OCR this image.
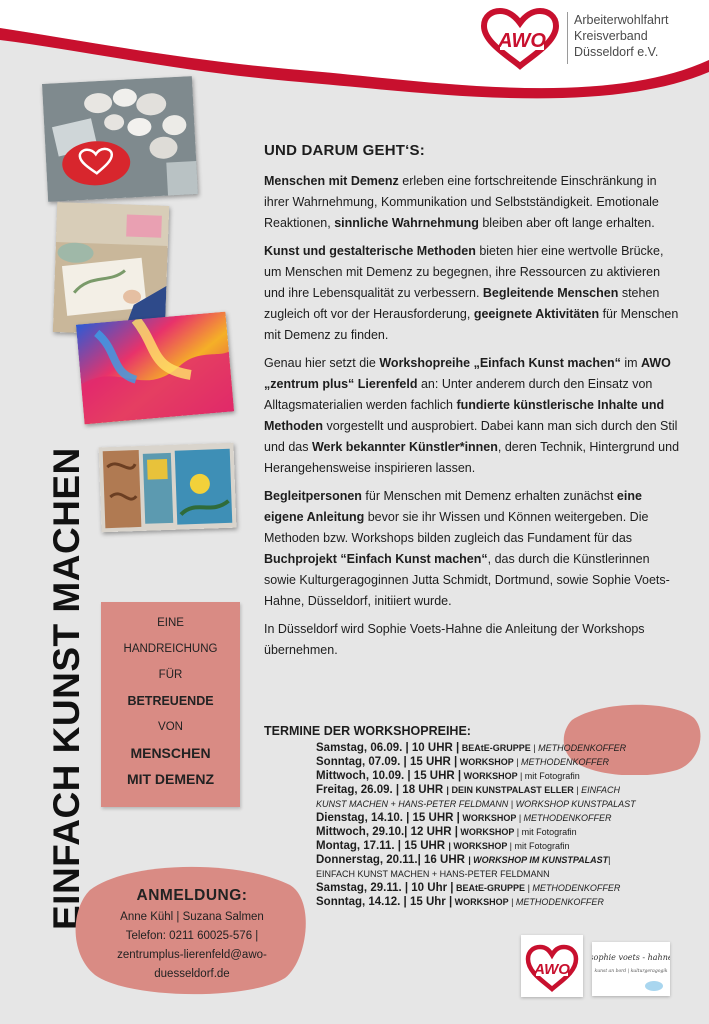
AWO
Arbeiterwohlfahrt
Kreisverband
Düsseldorf e.V.
EINFACH KUNST MACHEN	EINE
HANDREICHUNG
FÜR
BETREUENDE
VON
MENSCHEN
MIT DEMENZ
ANMELDUNG:
Anne Kühl | Suzana Salmen
Telefon: 0211 60025-576 |
zentrumplus-lierenfeld@awo-
duesseldorf.de
UND DARUM GEHT‘S:

Menschen mit Demenz erleben eine fortschreitende Einschränkung in ihrer Wahrnehmung, Kommunikation und Selbstständigkeit. Emotionale Reaktionen, sinnliche Wahrnehmung bleiben aber oft lange erhalten.

Kunst und gestalterische Methoden bieten hier eine wertvolle Brücke, um Menschen mit Demenz zu begegnen, ihre Ressourcen zu aktivieren und ihre Lebensqualität zu verbessern. Begleitende Menschen stehen zugleich oft vor der Herausforderung, geeignete Aktivitäten für Menschen mit Demenz zu finden.

Genau hier setzt die Workshopreihe „Einfach Kunst machen“ im AWO „zentrum plus“ Lierenfeld an: Unter anderem durch den Einsatz von Alltagsmaterialien werden fachlich fundierte künstlerische Inhalte und Methoden vorgestellt und ausprobiert. Dabei kann man sich durch den Stil und das Werk bekannter Künstler*innen, deren Technik, Hintergrund und Herangehensweise inspirieren lassen.

Begleitpersonen für Menschen mit Demenz erhalten zunächst eine eigene Anleitung bevor sie ihr Wissen und Können weitergeben. Die Methoden bzw. Workshops bilden zugleich das Fundament für das Buchprojekt “Einfach Kunst machen“, das durch die Künstlerinnen sowie Kulturgeragoginnen Jutta Schmidt, Dortmund, sowie Sophie Voets-Hahne, Düsseldorf, initiiert wurde.

In Düsseldorf wird Sophie Voets-Hahne die Anleitung der Workshops übernehmen.

TERMINE DER WORKSHOPREIHE:
Samstag, 06.09. | 10 UHR | BEAtE-GRUPPE | METHODENKOFFER
Sonntag, 07.09. | 15 UHR | WORKSHOP | METHODENKOFFER
Mittwoch, 10.09. | 15 UHR | WORKSHOP | mit Fotografin
Freitag, 26.09. | 18 UHR | DEIN KUNSTPALAST ELLER | EINFACH
KUNST MACHEN + HANS-PETER FELDMANN | WORKSHOP KUNSTPALAST
Dienstag, 14.10. | 15 UHR | WORKSHOP | METHODENKOFFER
Mittwoch, 29.10.| 12 UHR | WORKSHOP | mit Fotografin
Montag, 17.11. | 15 UHR | WORKSHOP | mit Fotografin
Donnerstag, 20.11.| 16 UHR | WORKSHOP IM KUNSTPALAST|
EINFACH KUNST MACHEN + HANS-PETER FELDMANN
Samstag, 29.11. | 10 Uhr | BEAtE-GRUPPE | METHODENKOFFER
Sonntag, 14.12. | 15 Uhr | WORKSHOP | METHODENKOFFER
AWO
sophie voets - hahne
kunst an bord | kulturgeragogik
